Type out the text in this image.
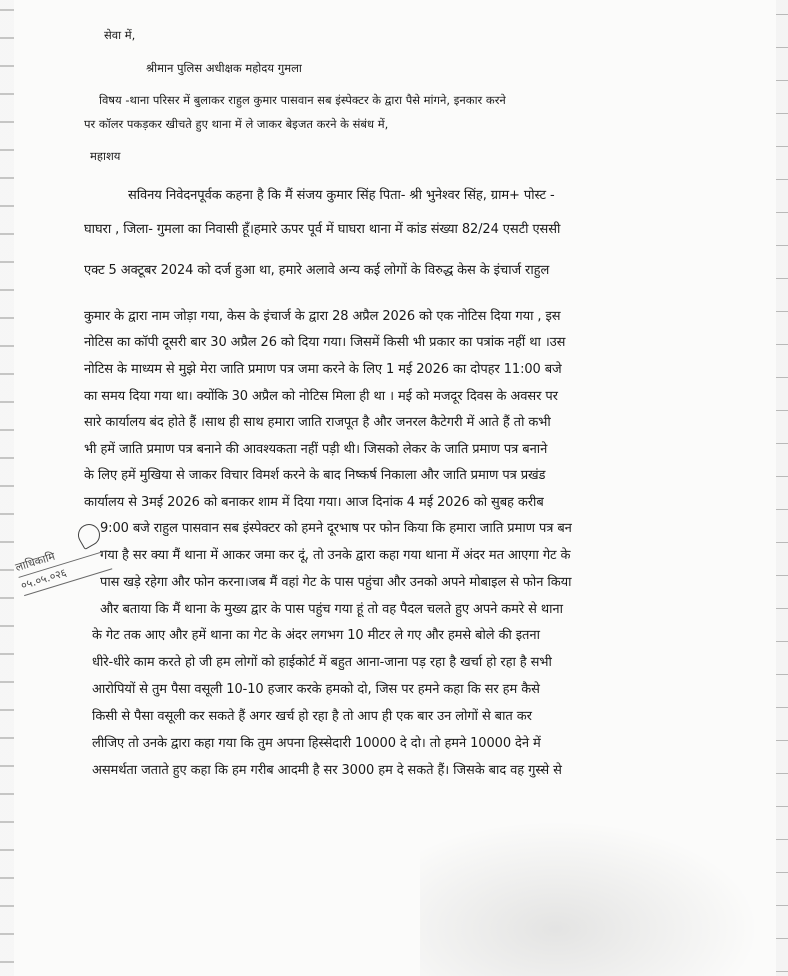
सेवा में,
श्रीमान पुलिस अधीक्षक महोदय गुमला
विषय -थाना परिसर में बुलाकर राहुल कुमार पासवान सब इंस्पेक्टर के द्वारा पैसे मांगने, इनकार करने
पर कॉलर पकड़कर खीचते हुए थाना में ले जाकर बेइजत करने के संबंध में,
महाशय
सविनय निवेदनपूर्वक कहना है कि मैं संजय कुमार सिंह पिता- श्री भुनेश्वर सिंह, ग्राम+ पोस्ट -
घाघरा , जिला- गुमला का निवासी हूँ।हमारे ऊपर पूर्व में घाघरा थाना में कांड संख्या 82/24 एसटी एससी
एक्ट 5 अक्टूबर 2024 को दर्ज हुआ था, हमारे अलावे अन्य कई लोगों के विरुद्ध केस के इंचार्ज राहुल
कुमार के द्वारा नाम जोड़ा गया, केस के इंचार्ज के द्वारा 28 अप्रैल 2026 को एक नोटिस दिया गया , इस
नोटिस का कॉपी दूसरी बार 30 अप्रैल 26 को दिया गया। जिसमें किसी भी प्रकार का पत्रांक नहीं था ।उस
नोटिस के माध्यम से मुझे मेरा जाति प्रमाण पत्र जमा करने के लिए 1 मई 2026 का दोपहर 11:00 बजे
का समय दिया गया था। क्योंकि 30 अप्रैल को नोटिस मिला ही था । मई को मजदूर दिवस के अवसर पर
सारे कार्यालय बंद होते हैं ।साथ ही साथ हमारा जाति राजपूत है और जनरल कैटेगरी में आते हैं तो कभी
भी हमें जाति प्रमाण पत्र बनाने की आवश्यकता नहीं पड़ी थी। जिसको लेकर के जाति प्रमाण पत्र बनाने
के लिए हमें मुखिया से जाकर विचार विमर्श करने के बाद निष्कर्ष निकाला और जाति प्रमाण पत्र प्रखंड
कार्यालय से 3मई 2026 को बनाकर शाम में दिया गया। आज दिनांक 4 मई 2026 को सुबह करीब
9:00 बजे राहुल पासवान सब इंस्पेक्टर को हमने दूरभाष पर फोन किया कि हमारा जाति प्रमाण पत्र बन
गया है सर क्या मैं थाना में आकर जमा कर दूं, तो उनके द्वारा कहा गया थाना में अंदर मत आएगा गेट के
पास खड़े रहेगा और फोन करना।जब मैं वहां गेट के पास पहुंचा और उनको अपने मोबाइल से फोन किया
और बताया कि मैं थाना के मुख्य द्वार के पास पहुंच गया हूं तो वह पैदल चलते हुए अपने कमरे से थाना
के गेट तक आए और हमें थाना का गेट के अंदर लगभग 10 मीटर ले गए और हमसे बोले की इतना
धीरे-धीरे काम करते हो जी हम लोगों को हाईकोर्ट में बहुत आना-जाना पड़ रहा है खर्चा हो रहा है सभी
आरोपियों से तुम पैसा वसूली 10-10 हजार करके हमको दो, जिस पर हमने कहा कि सर हम कैसे
किसी से पैसा वसूली कर सकते हैं अगर खर्च हो रहा है तो आप ही एक बार उन लोगों से बात कर
लीजिए तो उनके द्वारा कहा गया कि तुम अपना हिस्सेदारी 10000 दे दो। तो हमने 10000 देने में
असमर्थता जताते हुए कहा कि हम गरीब आदमी है सर 3000 हम दे सकते हैं। जिसके बाद वह गुस्से से
लाधिकामि
०५.०५.०२६
